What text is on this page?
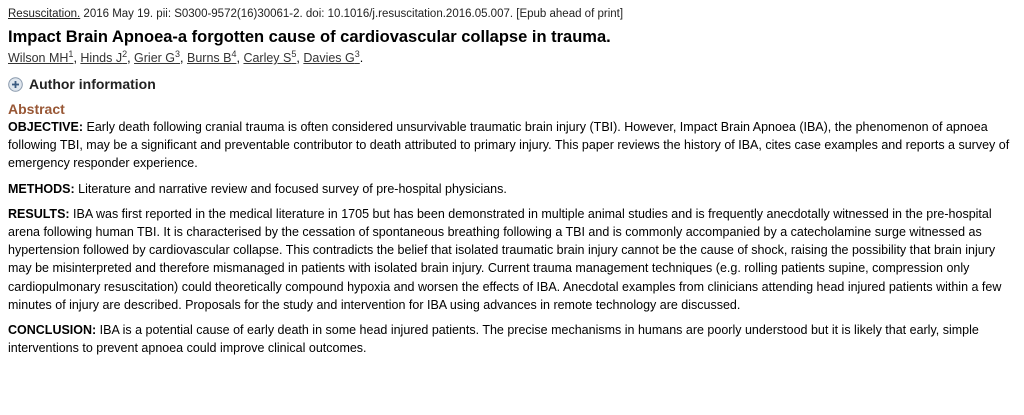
Resuscitation. 2016 May 19. pii: S0300-9572(16)30061-2. doi: 10.1016/j.resuscitation.2016.05.007. [Epub ahead of print]
Impact Brain Apnoea-a forgotten cause of cardiovascular collapse in trauma.
Wilson $MH^1$, Hinds $J^2$, Grier $G^3$, Burns $B^4$, Carley $S^5$, Davies $G^3$.
Author information
Abstract

OBJECTIVE: Early death following cranial trauma is often considered unsurvivable traumatic brain injury (TBI). However, Impact Brain Apnoea (IBA), the phenomenon of apnoea following TBI, may be a significant and preventable contributor to death attributed to primary injury. This paper reviews the history of IBA, cites case examples and reports a survey of emergency responder experience.

METHODS: Literature and narrative review and focused survey of pre-hospital physicians.

RESULTS: IBA was first reported in the medical literature in 1705 but has been demonstrated in multiple animal studies and is frequently anecdotally witnessed in the pre-hospital arena following human TBI. It is characterised by the cessation of spontaneous breathing following a TBI and is commonly accompanied by a catecholamine surge witnessed as hypertension followed by cardiovascular collapse. This contradicts the belief that isolated traumatic brain injury cannot be the cause of shock, raising the possibility that brain injury may be misinterpreted and therefore mismanaged in patients with isolated brain injury. Current trauma management techniques (e.g. rolling patients supine, compression only cardiopulmonary resuscitation) could theoretically compound hypoxia and worsen the effects of IBA. Anecdotal examples from clinicians attending head injured patients within a few minutes of injury are described. Proposals for the study and intervention for IBA using advances in remote technology are discussed.

CONCLUSION: IBA is a potential cause of early death in some head injured patients. The precise mechanisms in humans are poorly understood but it is likely that early, simple interventions to prevent apnoea could improve clinical outcomes.
